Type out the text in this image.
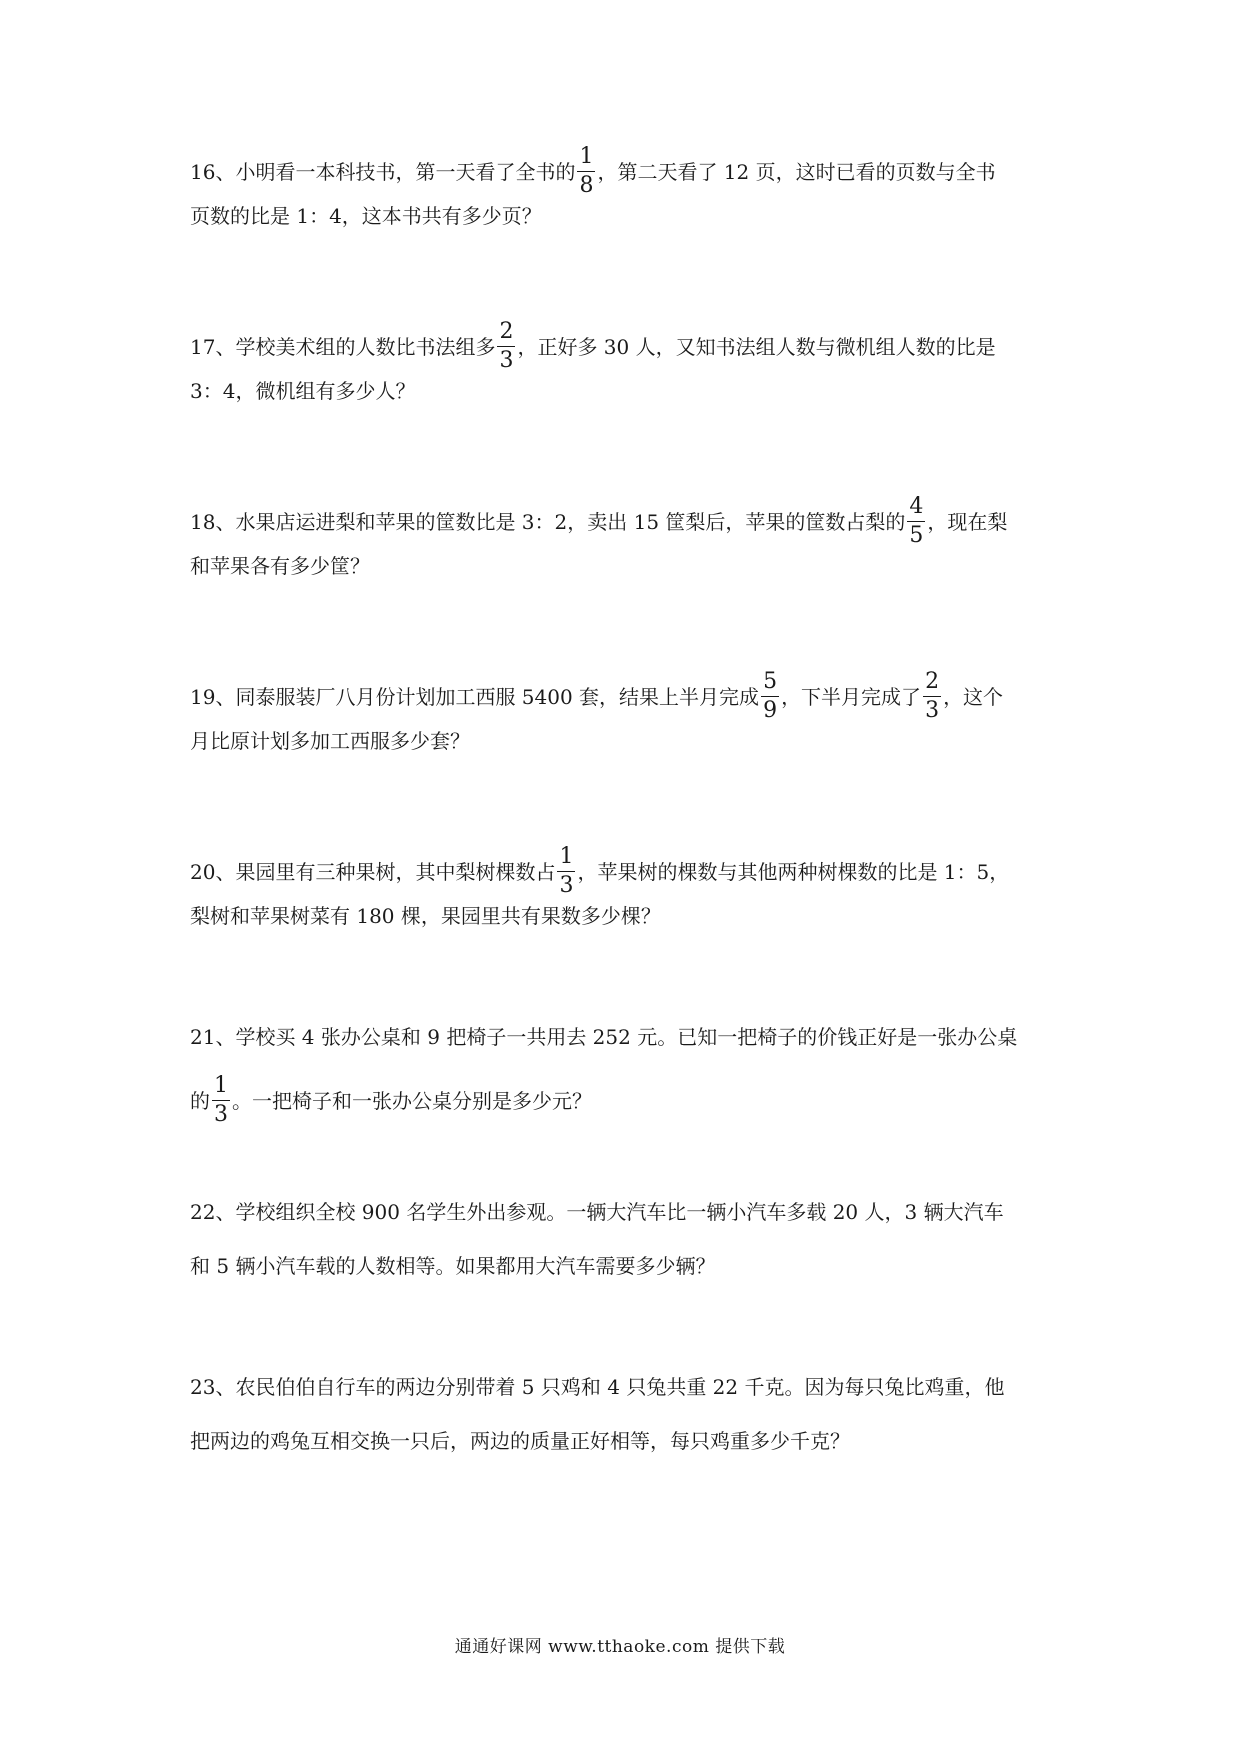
16、小明看一本科技书，第一天看了全书的 $\frac{1}{8}$ ，第二天看了 12 页，这时已看的页数与全书
页数的比是 1：4，这本书共有多少页？
17、学校美术组的人数比书法组多 $\frac{2}{3}$ ，正好多 30 人，又知书法组人数与微机组人数的比是
3：4，微机组有多少人？
18、水果店运进梨和苹果的筐数比是 3：2，卖出 15 筐梨后，苹果的筐数占梨的 $\frac{4}{5}$ ，现在梨
和苹果各有多少筐？
19、同泰服装厂八月份计划加工西服 5400 套，结果上半月完成 $\frac{5}{9}$ ，下半月完成了 $\frac{2}{3}$ ，这个
月比原计划多加工西服多少套？
20、果园里有三种果树，其中梨树棵数占 $\frac{1}{3}$ ，苹果树的棵数与其他两种树棵数的比是 1：5，
梨树和苹果树菜有 180 棵，果园里共有果数多少棵？
21、学校买 4 张办公桌和 9 把椅子一共用去 252 元。已知一把椅子的价钱正好是一张办公桌
的 $\frac{1}{3}$ 。一把椅子和一张办公桌分别是多少元？
22、学校组织全校 900 名学生外出参观。一辆大汽车比一辆小汽车多载 20 人，3 辆大汽车
和 5 辆小汽车载的人数相等。如果都用大汽车需要多少辆？
23、农民伯伯自行车的两边分别带着 5 只鸡和 4 只兔共重 22 千克。因为每只兔比鸡重，他
把两边的鸡兔互相交换一只后，两边的质量正好相等，每只鸡重多少千克？
通通好课网 www.tthaoke.com 提供下载
